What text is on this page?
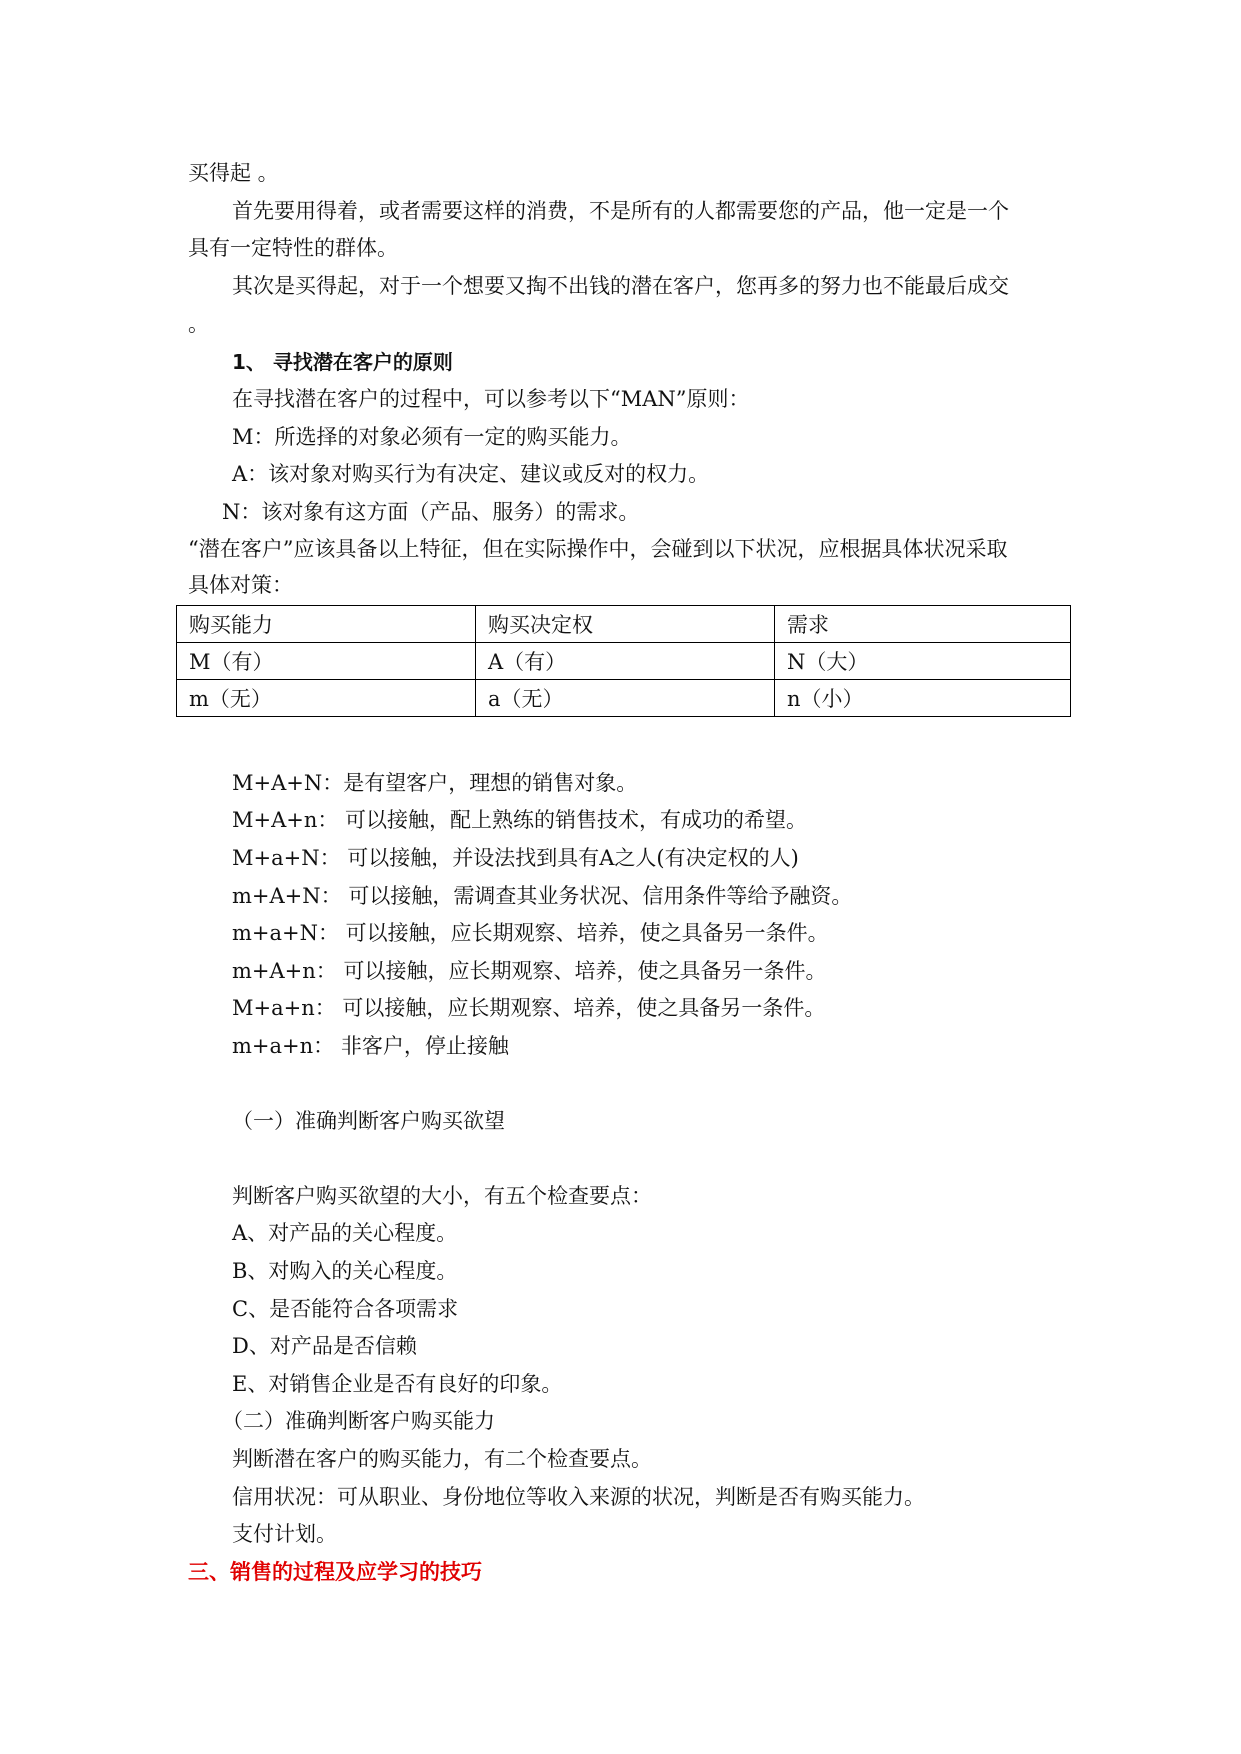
买得起 。
首先要用得着，或者需要这样的消费，不是所有的人都需要您的产品，他一定是一个
具有一定特性的群体。
其次是买得起，对于一个想要又掏不出钱的潜在客户，您再多的努力也不能最后成交
。
1、 寻找潜在客户的原则
在寻找潜在客户的过程中，可以参考以下“MAN”原则：
M：所选择的对象必须有一定的购买能力。
A：该对象对购买行为有决定、建议或反对的权力。
N：该对象有这方面（产品、服务）的需求。
“潜在客户”应该具备以上特征，但在实际操作中，会碰到以下状况，应根据具体状况采取
具体对策：
购买能力	购买决定权	需求
M（有）	A（有）	N（大）
m（无）	a（无）	n（小）
M+A+N：是有望客户，理想的销售对象。
M+A+n： 可以接触，配上熟练的销售技术，有成功的希望。
M+a+N： 可以接触，并设法找到具有A之人(有决定权的人)
m+A+N： 可以接触，需调查其业务状况、信用条件等给予融资。
m+a+N： 可以接触，应长期观察、培养，使之具备另一条件。
m+A+n： 可以接触，应长期观察、培养，使之具备另一条件。
M+a+n： 可以接触，应长期观察、培养，使之具备另一条件。
m+a+n： 非客户，停止接触
（一）准确判断客户购买欲望
判断客户购买欲望的大小，有五个检查要点：
A、对产品的关心程度。
B、对购入的关心程度。
C、是否能符合各项需求
D、对产品是否信赖
E、对销售企业是否有良好的印象。
（二）准确判断客户购买能力
判断潜在客户的购买能力，有二个检查要点。
信用状况：可从职业、身份地位等收入来源的状况，判断是否有购买能力。
支付计划。
三、销售的过程及应学习的技巧
